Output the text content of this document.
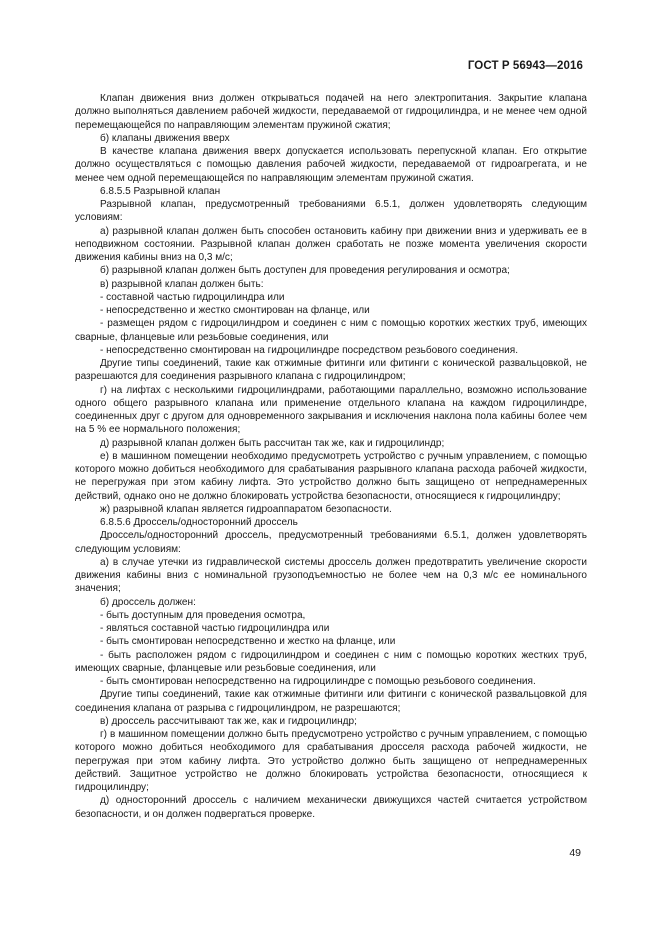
ГОСТ Р 56943—2016

Клапан движения вниз должен открываться подачей на него электропитания. Закрытие клапана должно выполняться давлением рабочей жидкости, передаваемой от гидроцилиндра, и не менее чем одной перемещающейся по направляющим элементам пружиной сжатия;

б) клапаны движения вверх

В качестве клапана движения вверх допускается использовать перепускной клапан. Его открытие должно осуществляться с помощью давления рабочей жидкости, передаваемой от гидроагрегата, и не менее чем одной перемещающейся по направляющим элементам пружиной сжатия.

6.8.5.5 Разрывной клапан

Разрывной клапан, предусмотренный требованиями 6.5.1, должен удовлетворять следующим условиям:

а) разрывной клапан должен быть способен остановить кабину при движении вниз и удерживать ее в неподвижном состоянии. Разрывной клапан должен сработать не позже момента увеличения скорости движения кабины вниз на 0,3 м/с;

б) разрывной клапан должен быть доступен для проведения регулирования и осмотра;

в) разрывной клапан должен быть:

- составной частью гидроцилиндра или

- непосредственно и жестко смонтирован на фланце, или

- размещен рядом с гидроцилиндром и соединен с ним с помощью коротких жестких труб, имеющих сварные, фланцевые или резьбовые соединения, или

- непосредственно смонтирован на гидроцилиндре посредством резьбового соединения.

Другие типы соединений, такие как отжимные фитинги или фитинги с конической развальцовкой, не разрешаются для соединения разрывного клапана с гидроцилиндром;

г) на лифтах с несколькими гидроцилиндрами, работающими параллельно, возможно использование одного общего разрывного клапана или применение отдельного клапана на каждом гидроцилиндре, соединенных друг с другом для одновременного закрывания и исключения наклона пола кабины более чем на 5 % ее нормального положения;

д) разрывной клапан должен быть рассчитан так же, как и гидроцилиндр;

е) в машинном помещении необходимо предусмотреть устройство с ручным управлением, с помощью которого можно добиться необходимого для срабатывания разрывного клапана расхода рабочей жидкости, не перегружая при этом кабину лифта. Это устройство должно быть защищено от непреднамеренных действий, однако оно не должно блокировать устройства безопасности, относящиеся к гидроцилиндру;

ж) разрывной клапан является гидроаппаратом безопасности.

6.8.5.6 Дроссель/односторонний дроссель

Дроссель/односторонний дроссель, предусмотренный требованиями 6.5.1, должен удовлетворять следующим условиям:

а) в случае утечки из гидравлической системы дроссель должен предотвратить увеличение скорости движения кабины вниз с номинальной грузоподъемностью не более чем на 0,3 м/с ее номинального значения;

б) дроссель должен:

- быть доступным для проведения осмотра,

- являться составной частью гидроцилиндра или

- быть смонтирован непосредственно и жестко на фланце, или

- быть расположен рядом с гидроцилиндром и соединен с ним с помощью коротких жестких труб, имеющих сварные, фланцевые или резьбовые соединения, или

- быть смонтирован непосредственно на гидроцилиндре с помощью резьбового соединения.

Другие типы соединений, такие как отжимные фитинги или фитинги с конической развальцовкой для соединения клапана от разрыва с гидроцилиндром, не разрешаются;

в) дроссель рассчитывают так же, как и гидроцилиндр;

г) в машинном помещении должно быть предусмотрено устройство с ручным управлением, с помощью которого можно добиться необходимого для срабатывания дросселя расхода рабочей жидкости, не перегружая при этом кабину лифта. Это устройство должно быть защищено от непреднамеренных действий. Защитное устройство не должно блокировать устройства безопасности, относящиеся к гидроцилиндру;

д) односторонний дроссель с наличием механически движущихся частей считается устройством безопасности, и он должен подвергаться проверке.

49
